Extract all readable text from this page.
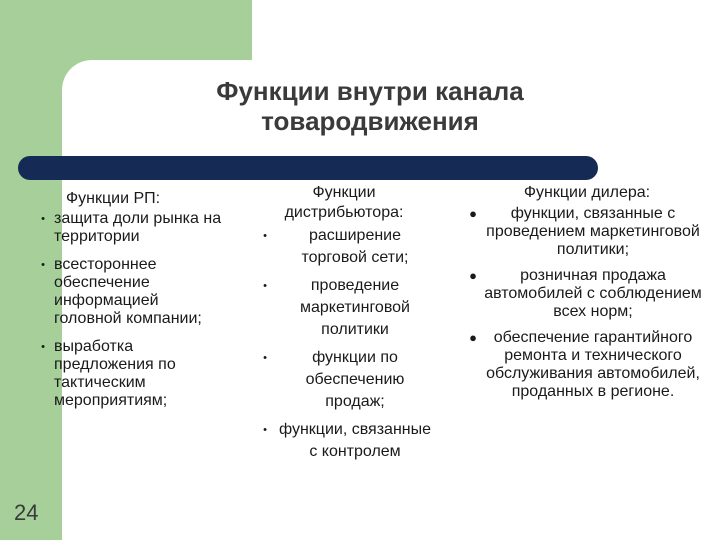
Функции внутри канала товародвижения
Функции РП:
• защита доли рынка на территории
• всестороннее обеспечение информацией головной компании;
• выработка предложения по тактическим мероприятиям;
Функции дистрибьютора:
•	расширение торговой сети;
•	проведение маркетинговой политики
•	функции по обеспечению продаж;
• функции, связанные с контролем
Функции дилера:
●	функции, связанные с проведением маркетинговой политики;
●	розничная продажа автомобилей с соблюдением всех норм;
●	обеспечение гарантийного ремонта и технического обслуживания автомобилей, проданных в регионе.
24
